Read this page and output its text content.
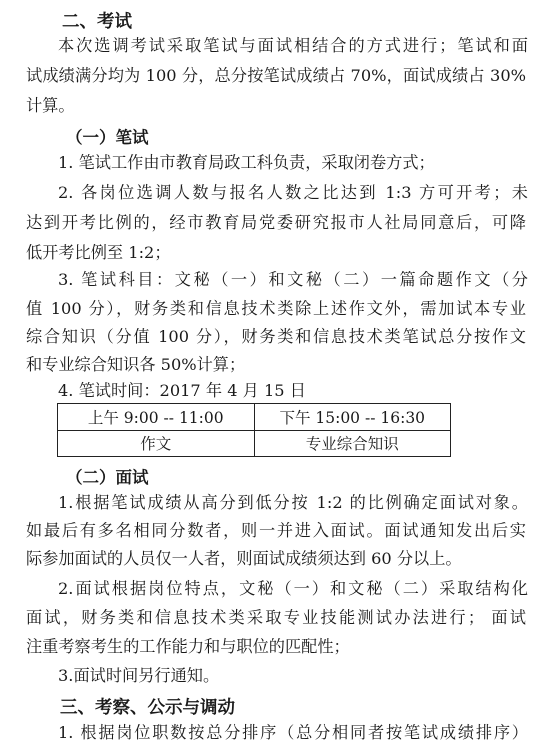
二、考试
本次选调考试采取笔试与面试相结合的方式进行；笔试和面
试成绩满分均为 100 分，总分按笔试成绩占 70%，面试成绩占 30%
计算。
（一）笔试
1. 笔试工作由市教育局政工科负责，采取闭卷方式；
2. 各岗位选调人数与报名人数之比达到 1:3 方可开考；未
达到开考比例的，经市教育局党委研究报市人社局同意后，可降
低开考比例至 1:2；
3. 笔试科目：文秘（一）和文秘（二）一篇命题作文（分
值 100 分），财务类和信息技术类除上述作文外，需加试本专业
综合知识（分值 100 分），财务类和信息技术类笔试总分按作文
和专业综合知识各 50%计算；
4. 笔试时间：2017 年 4 月 15 日
上午 9:00 -- 11:00	下午 15:00 -- 16:30
作文	专业综合知识
（二）面试
1.根据笔试成绩从高分到低分按 1:2 的比例确定面试对象。
如最后有多名相同分数者，则一并进入面试。面试通知发出后实
际参加面试的人员仅一人者，则面试成绩须达到 60 分以上。
2.面试根据岗位特点，文秘（一）和文秘（二）采取结构化
面试，财务类和信息技术类采取专业技能测试办法进行； 面试
注重考察考生的工作能力和与职位的匹配性；
3.面试时间另行通知。
三、考察、公示与调动
1. 根据岗位职数按总分排序（总分相同者按笔试成绩排序）
